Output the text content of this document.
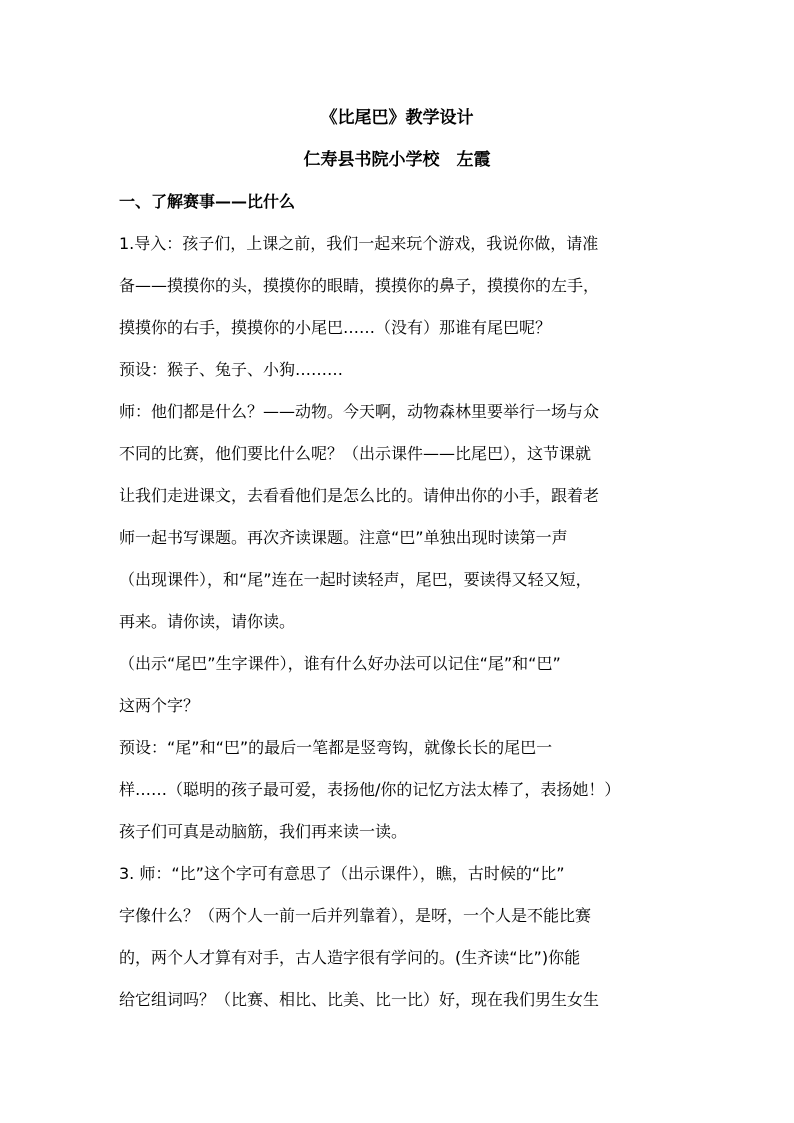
《比尾巴》教学设计
仁寿县书院小学校　左霞
一、了解赛事——比什么
1.导入：孩子们，上课之前，我们一起来玩个游戏，我说你做，请准
备——摸摸你的头，摸摸你的眼睛，摸摸你的鼻子，摸摸你的左手，
摸摸你的右手，摸摸你的小尾巴……（没有）那谁有尾巴呢？
预设：猴子、兔子、小狗………
师：他们都是什么？——动物。今天啊，动物森林里要举行一场与众
不同的比赛，他们要比什么呢？（出示课件——比尾巴），这节课就
让我们走进课文，去看看他们是怎么比的。请伸出你的小手，跟着老
师一起书写课题。再次齐读课题。注意“巴”单独出现时读第一声
（出现课件），和“尾”连在一起时读轻声，尾巴，要读得又轻又短，
再来。请你读，请你读。
（出示“尾巴”生字课件），谁有什么好办法可以记住“尾”和“巴”
这两个字？
预设：“尾”和“巴”的最后一笔都是竖弯钩，就像长长的尾巴一
样……（聪明的孩子最可爱，表扬他/你的记忆方法太棒了，表扬她！）
孩子们可真是动脑筋，我们再来读一读。
3. 师：“比”这个字可有意思了（出示课件），瞧，古时候的“比”
字像什么？（两个人一前一后并列靠着），是呀，一个人是不能比赛
的，两个人才算有对手，古人造字很有学问的。(生齐读“比”)你能
给它组词吗？（比赛、相比、比美、比一比）好，现在我们男生女生
